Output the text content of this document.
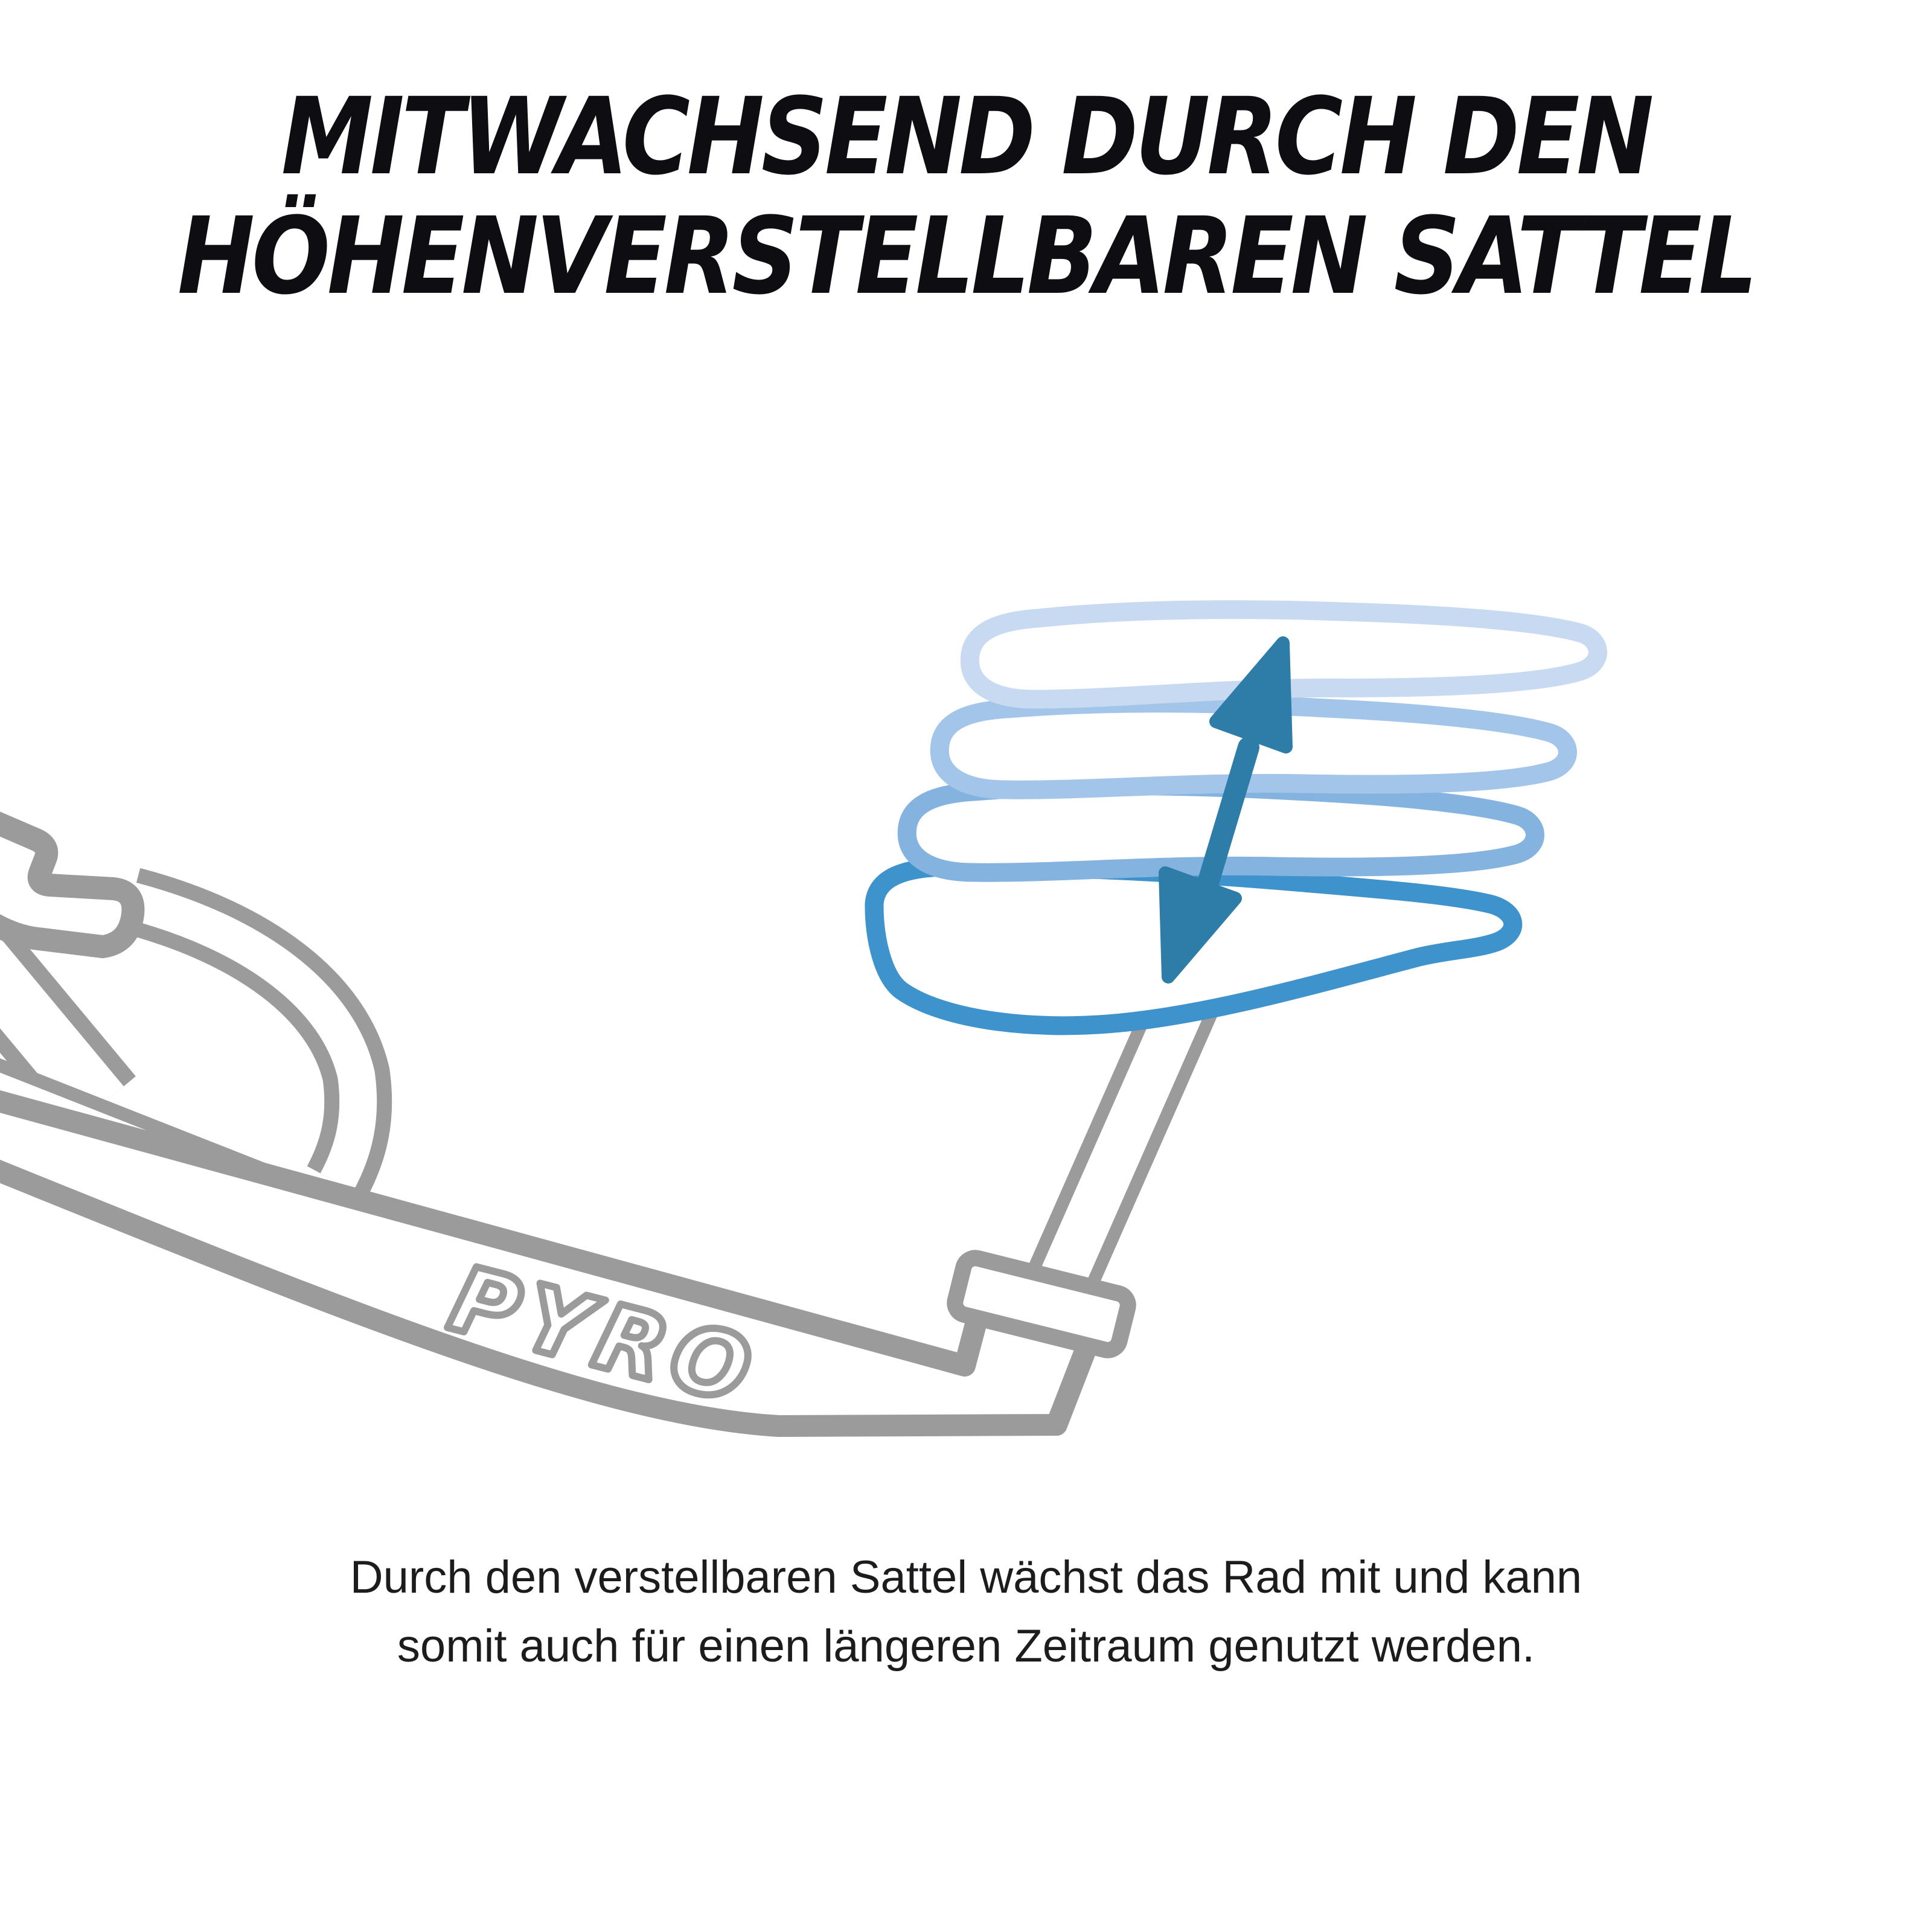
MITWACHSEND DURCH DEN
HÖHENVERSTELLBAREN SATTEL
PYRO

Durch den verstellbaren Sattel wächst das Rad mit und kann
somit auch für einen längeren Zeitraum genutzt werden.
